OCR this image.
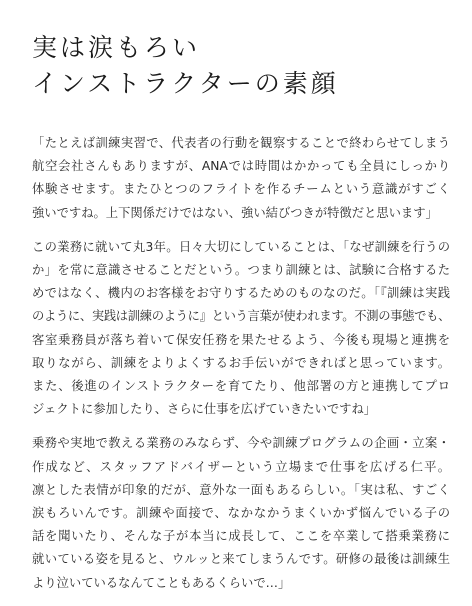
実は涙もろい
インストラクターの素顔

「たとえば訓練実習で、代表者の行動を観察することで終わらせてしまう
航空会社さんもありますが、ANAでは時間はかかっても全員にしっかり
体験させます。またひとつのフライトを作るチームという意識がすごく
強いですね。上下関係だけではない、強い結びつきが特徴だと思います」

この業務に就いて丸3年。日々大切にしていることは、「なぜ訓練を行うの
か」を常に意識させることだという。つまり訓練とは、試験に合格するた
めではなく、機内のお客様をお守りするためのものなのだ。「『訓練は実践
のように、実践は訓練のように』という言葉が使われます。不測の事態でも、
客室乗務員が落ち着いて保安任務を果たせるよう、今後も現場と連携を
取りながら、訓練をよりよくするお手伝いができればと思っています。
また、後進のインストラクターを育てたり、他部署の方と連携してプロ
ジェクトに参加したり、さらに仕事を広げていきたいですね」

乗務や実地で教える業務のみならず、今や訓練プログラムの企画・立案・
作成など、スタッフアドバイザーという立場まで仕事を広げる仁平。
凛とした表情が印象的だが、意外な一面もあるらしい。「実は私、すごく
涙もろいんです。訓練や面接で、なかなかうまくいかず悩んでいる子の
話を聞いたり、そんな子が本当に成長して、ここを卒業して搭乗業務に
就いている姿を見ると、ウルッと来てしまうんです。研修の最後は訓練生
より泣いているなんてこともあるくらいで…」
